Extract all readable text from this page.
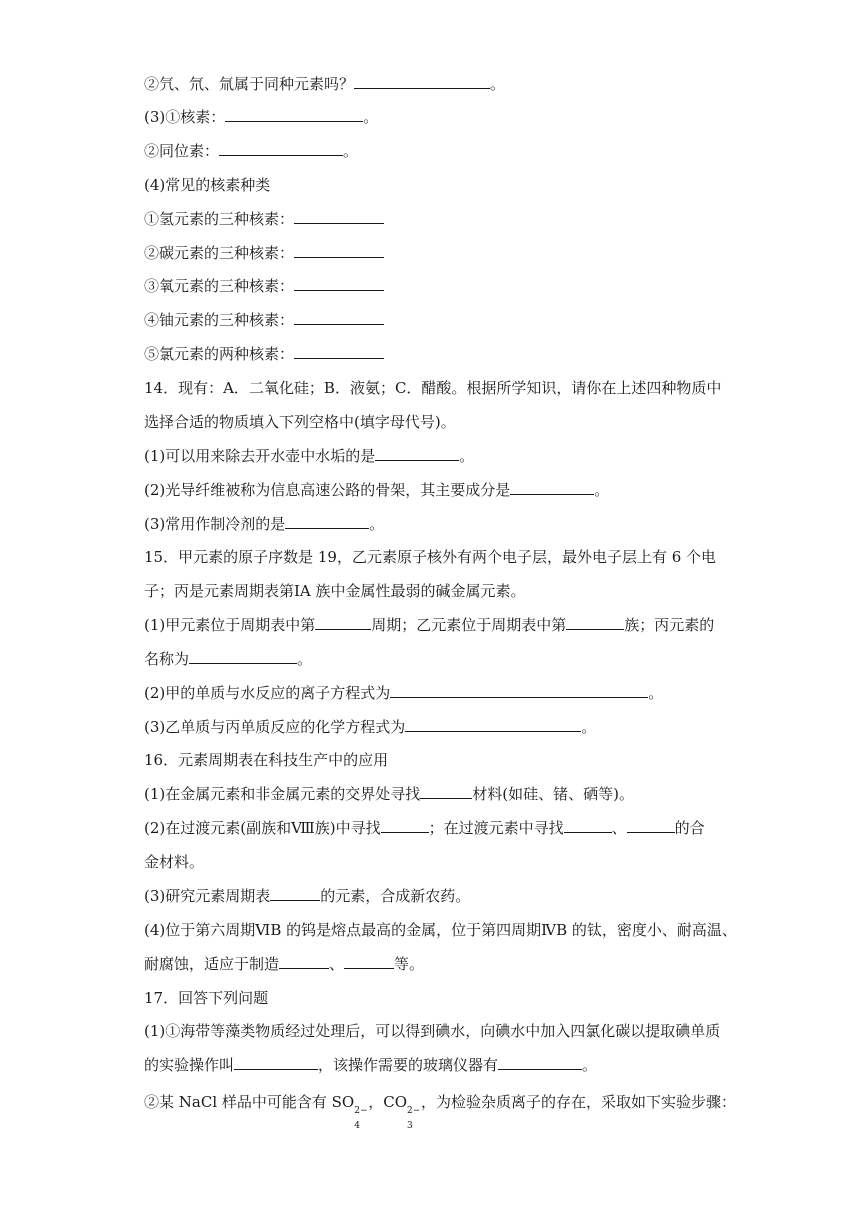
②氕、氘、氚属于同种元素吗？	。
(3)①核素：	。
②同位素：	。
(4)常见的核素种类
①氢元素的三种核素：
②碳元素的三种核素：
③氧元素的三种核素：
④铀元素的三种核素：
⑤氯元素的两种核素：
14．现有：A．二氧化硅；B．液氨；C．醋酸。根据所学知识，请你在上述四种物质中
选择合适的物质填入下列空格中(填字母代号)。
(1)可以用来除去开水壶中水垢的是	。
(2)光导纤维被称为信息高速公路的骨架，其主要成分是	。
(3)常用作制冷剂的是	。
15．甲元素的原子序数是 19，乙元素原子核外有两个电子层，最外电子层上有 6 个电
子；丙是元素周期表第ⅠA 族中金属性最弱的碱金属元素。
(1)甲元素位于周期表中第	周期；乙元素位于周期表中第	族；丙元素的
名称为	。
(2)甲的单质与水反应的离子方程式为	。
(3)乙单质与丙单质反应的化学方程式为	。
16．元素周期表在科技生产中的应用
(1)在金属元素和非金属元素的交界处寻找	材料(如硅、锗、硒等)。
(2)在过渡元素(副族和Ⅷ族)中寻找	；在过渡元素中寻找	、	的合
金材料。
(3)研究元素周期表	的元素，合成新农药。
(4)位于第六周期ⅥB 的钨是熔点最高的金属，位于第四周期ⅣB 的钛，密度小、耐高温、
耐腐蚀，适应于制造	、	等。
17．回答下列问题
(1)①海带等藻类物质经过处理后，可以得到碘水，向碘水中加入四氯化碳以提取碘单质
的实验操作叫	，该操作需要的玻璃仪器有	。
②某 NaCl 样品中可能含有 SO 2−
4
，CO 2−
3
，为检验杂质离子的存在，采取如下实验步骤：
